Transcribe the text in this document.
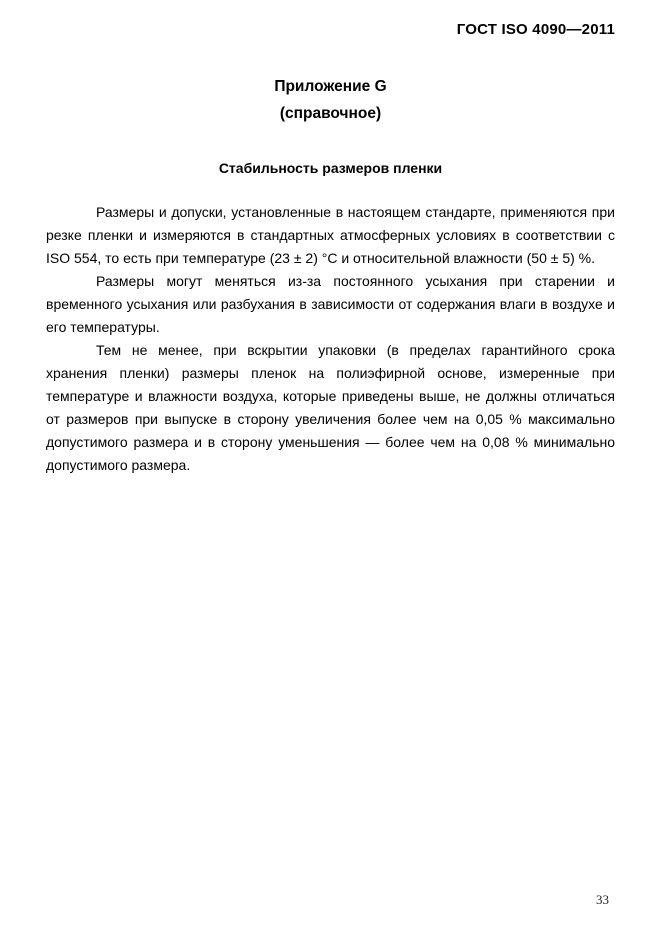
ГОСТ ISO 4090—2011
Приложение G
(справочное)
Стабильность размеров пленки

Размеры и допуски, установленные в настоящем стандарте, применяются при резке пленки и измеряются в стандартных атмосферных условиях в соответствии с ISO 554, то есть при температуре (23 ± 2) °C и относительной влажности (50 ± 5) %.

Размеры могут меняться из-за постоянного усыхания при старении и временного усыхания или разбухания в зависимости от содержания влаги в воздухе и его температуры.

Тем не менее, при вскрытии упаковки (в пределах гарантийного срока хранения пленки) размеры пленок на полиэфирной основе, измеренные при температуре и влажности воздуха, которые приведены выше, не должны отличаться от размеров при выпуске в сторону увеличения более чем на 0,05 % максимально допустимого размера и в сторону уменьшения — более чем на 0,08 % минимально допустимого размера.

33
